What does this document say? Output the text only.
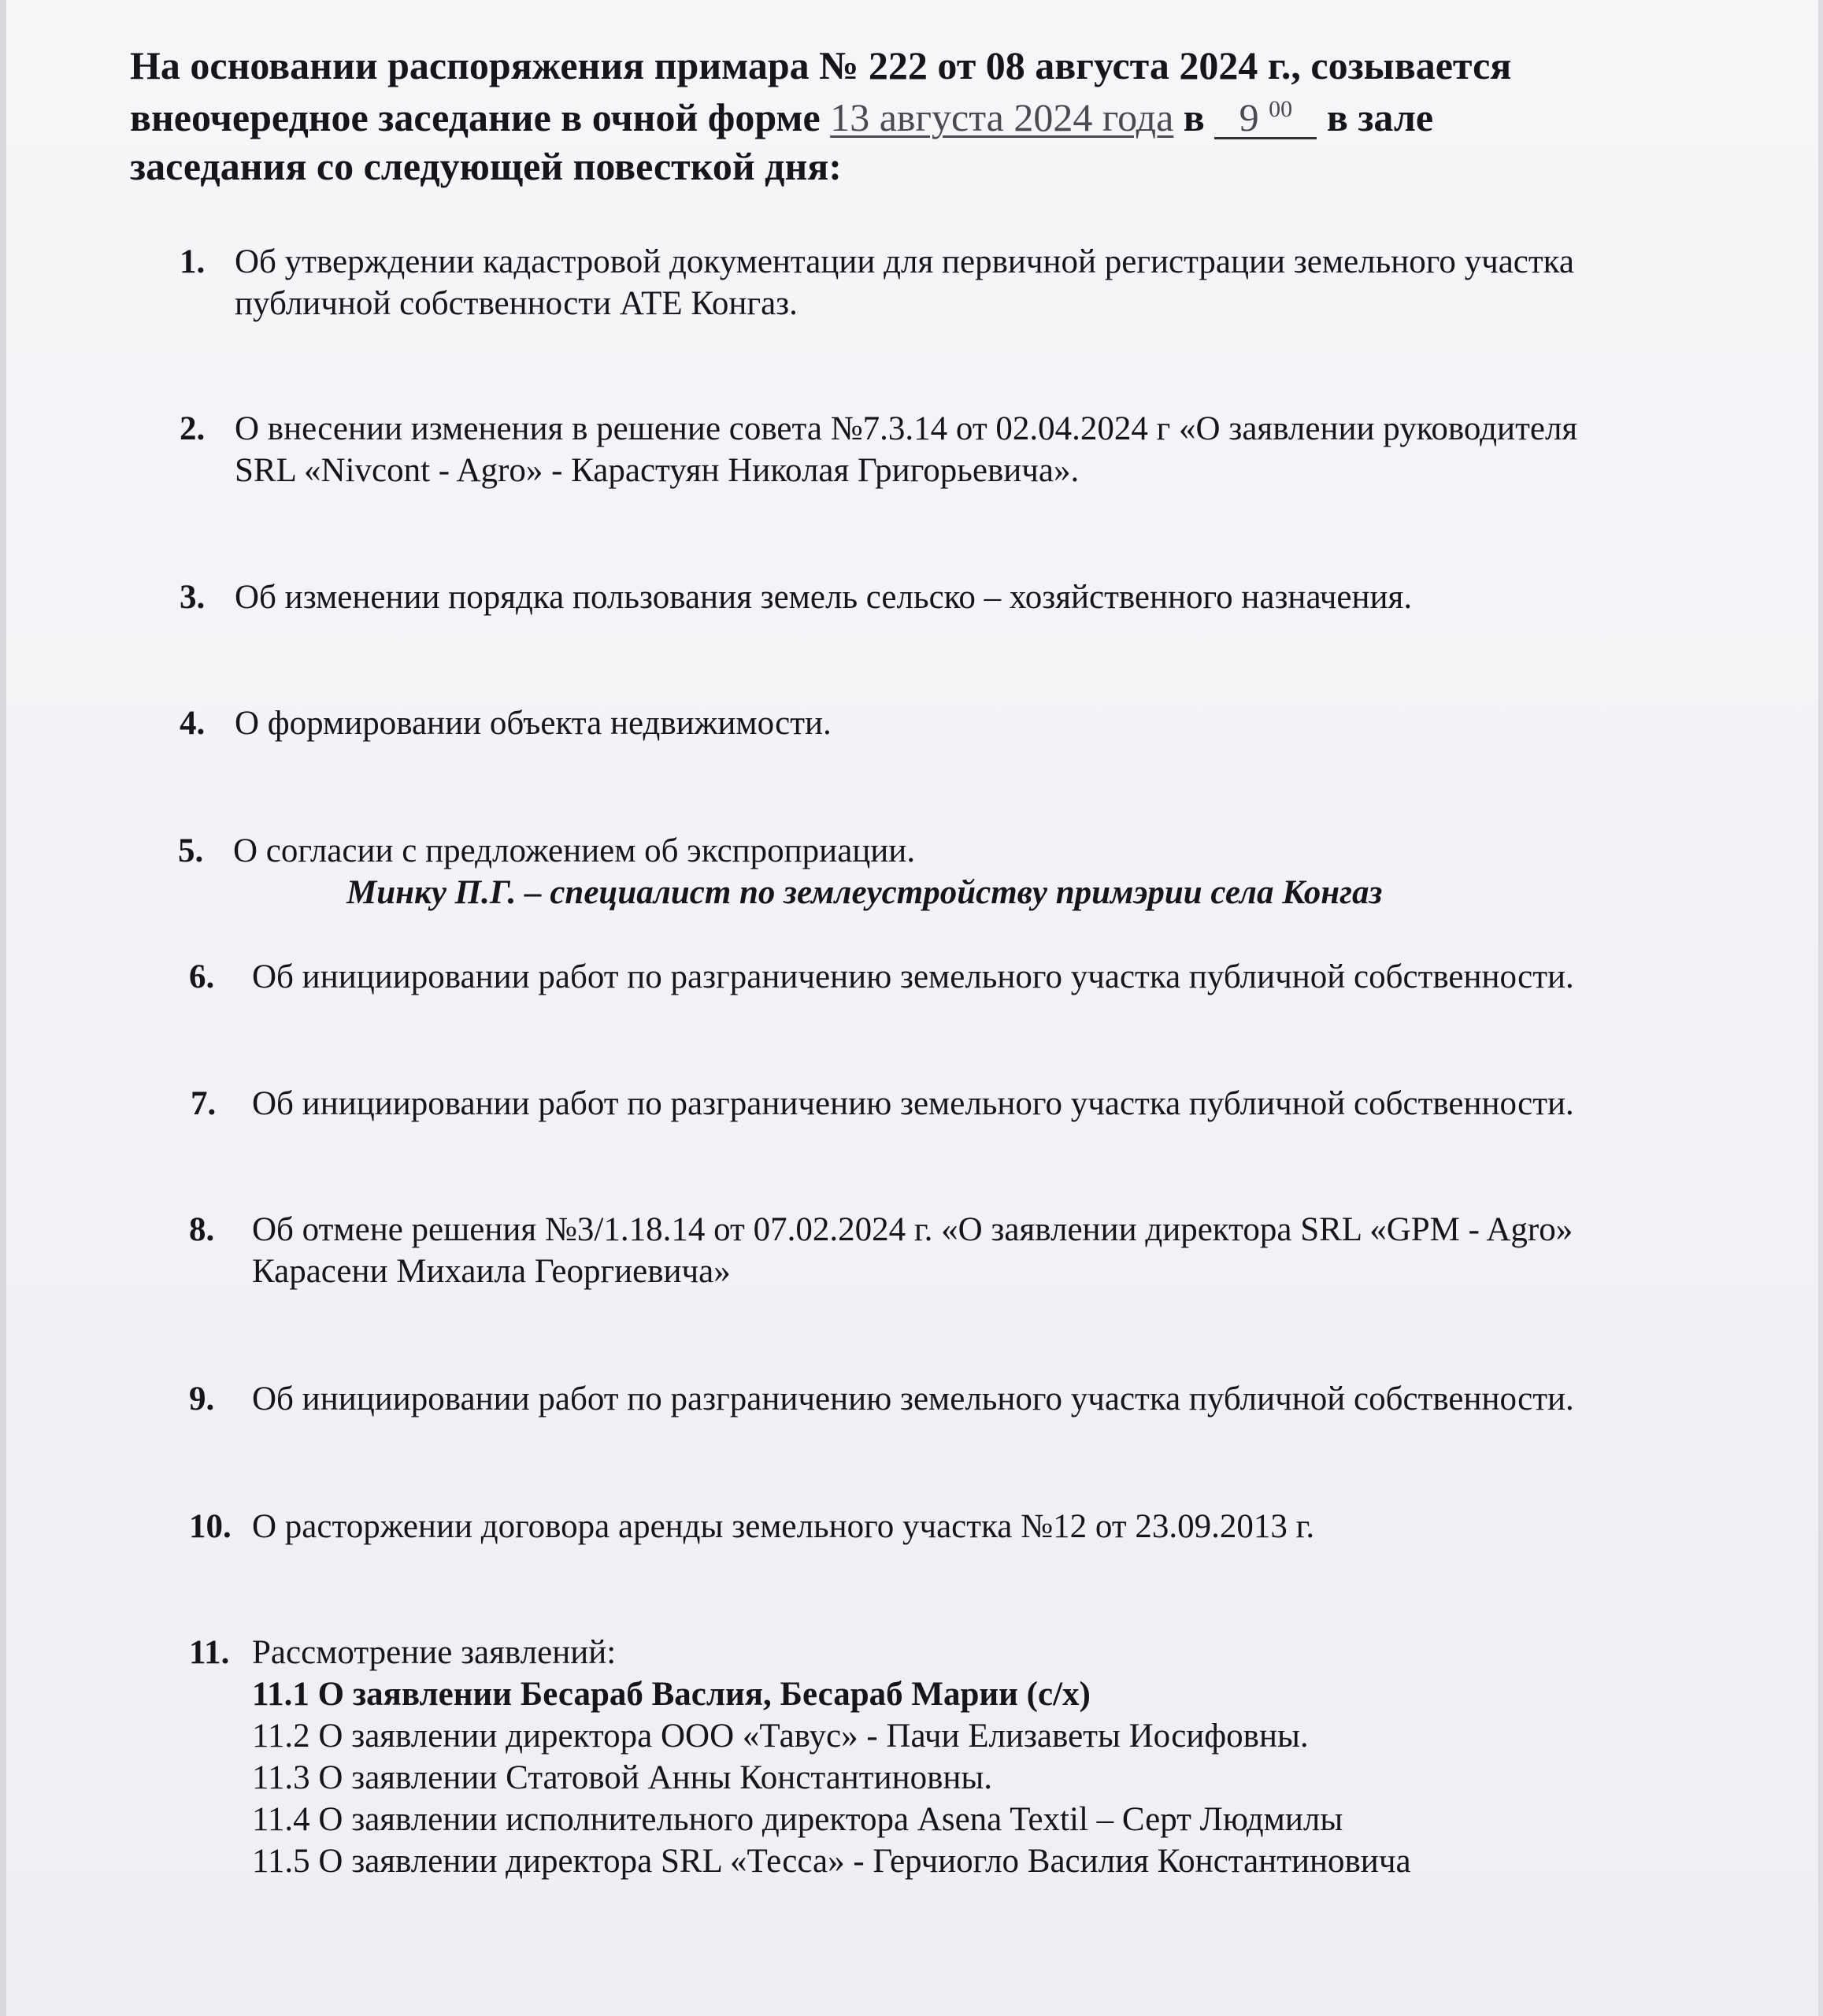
На основании распоряжения примара № 222 от 08 августа 2024 г., созывается
внеочередное заседание в очной форме 13 августа 2024 года в 9 $^{00}$ в зале
заседания со следующей повесткой дня:
1. Об утверждении кадастровой документации для первичной регистрации земельного участка
публичной собственности АТЕ Конгаз.
2. О внесении изменения в решение совета №7.3.14 от 02.04.2024 г «О заявлении руководителя
SRL «Nivcont - Agro» - Карастуян Николая Григорьевича».
3. Об изменении порядка пользования земель сельско – хозяйственного назначения.
4. О формировании объекта недвижимости.
5. О согласии с предложением об экспроприации.
Минку П.Г. – специалист по землеустройству примэрии села Конгаз
6. Об инициировании работ по разграничению земельного участка публичной собственности.
7. Об инициировании работ по разграничению земельного участка публичной собственности.
8. Об отмене решения №3/1.18.14 от 07.02.2024 г. «О заявлении директора SRL «GPM - Agro»
Карасени Михаила Георгиевича»
9. Об инициировании работ по разграничению земельного участка публичной собственности.
10. О расторжении договора аренды земельного участка №12 от 23.09.2013 г.
11. Рассмотрение заявлений:
11.1 О заявлении Бесараб Васлия, Бесараб Марии (с/х)
11.2 О заявлении директора ООО «Тавус» - Пачи Елизаветы Иосифовны.
11.3 О заявлении Статовой Анны Константиновны.
11.4 О заявлении исполнительного директора Asena Textil – Серт Людмилы
11.5 О заявлении директора SRL «Тесса» - Герчиогло Василия Константиновича
